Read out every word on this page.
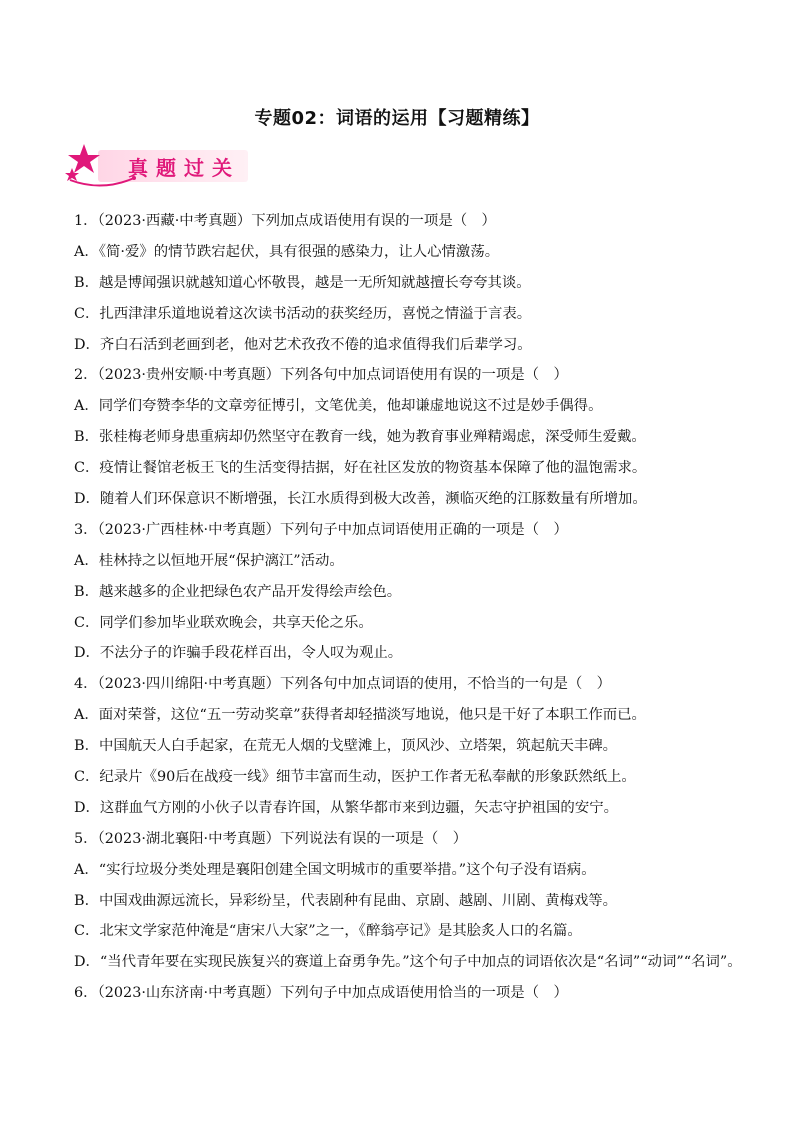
专题02：词语的运用【习题精练】
真题过关
1．（2023·西藏·中考真题）下列加点成语使用有误的一项是（　）
A．《简·爱》的情节跌宕起伏，具有很强的感染力，让人心情激荡。
B．越是博闻强识就越知道心怀敬畏，越是一无所知就越擅长夸夸其谈。
C．扎西津津乐道地说着这次读书活动的获奖经历，喜悦之情溢于言表。
D．齐白石活到老画到老，他对艺术孜孜不倦的追求值得我们后辈学习。
2．（2023·贵州安顺·中考真题）下列各句中加点词语使用有误的一项是（　）
A．同学们夸赞李华的文章旁征博引，文笔优美，他却谦虚地说这不过是妙手偶得。
B．张桂梅老师身患重病却仍然坚守在教育一线，她为教育事业殚精竭虑，深受师生爱戴。
C．疫情让餐馆老板王飞的生活变得拮据，好在社区发放的物资基本保障了他的温饱需求。
D．随着人们环保意识不断增强，长江水质得到极大改善，濒临灭绝的江豚数量有所增加。
3．（2023·广西桂林·中考真题）下列句子中加点词语使用正确的一项是（　）
A．桂林持之以恒地开展“保护漓江”活动。
B．越来越多的企业把绿色农产品开发得绘声绘色。
C．同学们参加毕业联欢晚会，共享天伦之乐。
D．不法分子的诈骗手段花样百出，令人叹为观止。
4．（2023·四川绵阳·中考真题）下列各句中加点词语的使用，不恰当的一句是（　）
A．面对荣誉，这位“五一劳动奖章”获得者却轻描淡写地说，他只是干好了本职工作而已。
B．中国航天人白手起家，在荒无人烟的戈壁滩上，顶风沙、立塔架，筑起航天丰碑。
C．纪录片《90后在战疫一线》细节丰富而生动，医护工作者无私奉献的形象跃然纸上。
D．这群血气方刚的小伙子以青春许国，从繁华都市来到边疆，矢志守护祖国的安宁。
5．（2023·湖北襄阳·中考真题）下列说法有误的一项是（　）
A．“实行垃圾分类处理是襄阳创建全国文明城市的重要举措。”这个句子没有语病。
B．中国戏曲源远流长，异彩纷呈，代表剧种有昆曲、京剧、越剧、川剧、黄梅戏等。
C．北宋文学家范仲淹是“唐宋八大家”之一，《醉翁亭记》是其脍炙人口的名篇。
D．“当代青年要在实现民族复兴的赛道上奋勇争先。”这个句子中加点的词语依次是“名词”“动词”“名词”。
6．（2023·山东济南·中考真题）下列句子中加点成语使用恰当的一项是（　）
